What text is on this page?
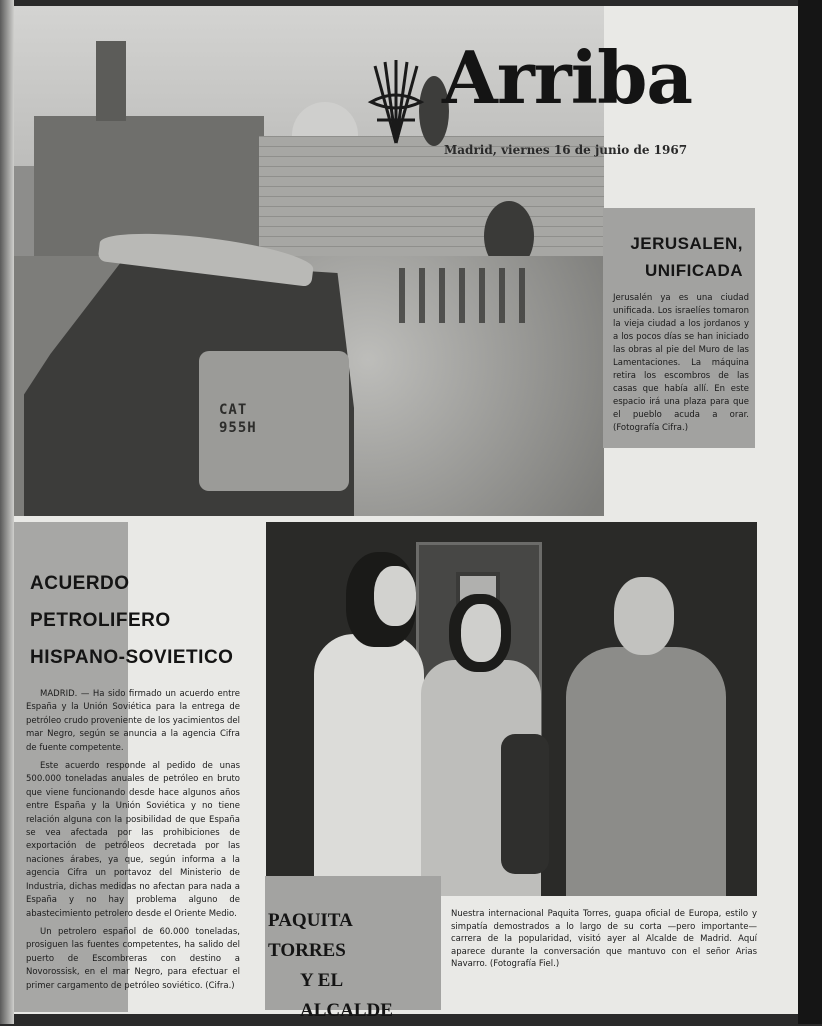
CAT
955H
Arriba
Madrid, viernes 16 de junio de 1967
JERUSALEN,
UNIFICADA
Jerusalén ya es una ciudad unificada. Los israelíes tomaron la vieja ciudad a los jordanos y a los pocos días se han iniciado las obras al pie del Muro de las Lamentaciones. La máquina retira los escombros de las casas que había allí. En este espacio irá una plaza para que el pueblo acuda a orar. (Fotografía Cifra.)
ACUERDO
PETROLIFERO
HISPANO-SOVIETICO

MADRID. — Ha sido firmado un acuerdo entre España y la Unión Soviética para la entrega de petróleo crudo proveniente de los yacimientos del mar Negro, según se anuncia a la agencia Cifra de fuente competente.

Este acuerdo responde al pedido de unas 500.000 toneladas anuales de petróleo en bruto que viene funcionando desde hace algunos años entre España y la Unión Soviética y no tiene relación alguna con la posibilidad de que España se vea afectada por las prohibiciones de exportación de petróleos decretada por las naciones árabes, ya que, según informa a la agencia Cifra un portavoz del Ministerio de Industria, dichas medidas no afectan para nada a España y no hay problema alguno de abastecimiento petrolero desde el Oriente Medio.

Un petrolero español de 60.000 toneladas, prosiguen las fuentes competentes, ha salido del puerto de Escombreras con destino a Novorossisk, en el mar Negro, para efectuar el primer cargamento de petróleo soviético. (Cifra.)

PAQUITA TORRES
Y EL ALCALDE
Nuestra internacional Paquita Torres, guapa oficial de Europa, estilo y simpatía demostrados a lo largo de su corta —pero importante— carrera de la popularidad, visitó ayer al Alcalde de Madrid. Aquí aparece durante la conversación que mantuvo con el señor Arias Navarro. (Fotografía Fiel.)
